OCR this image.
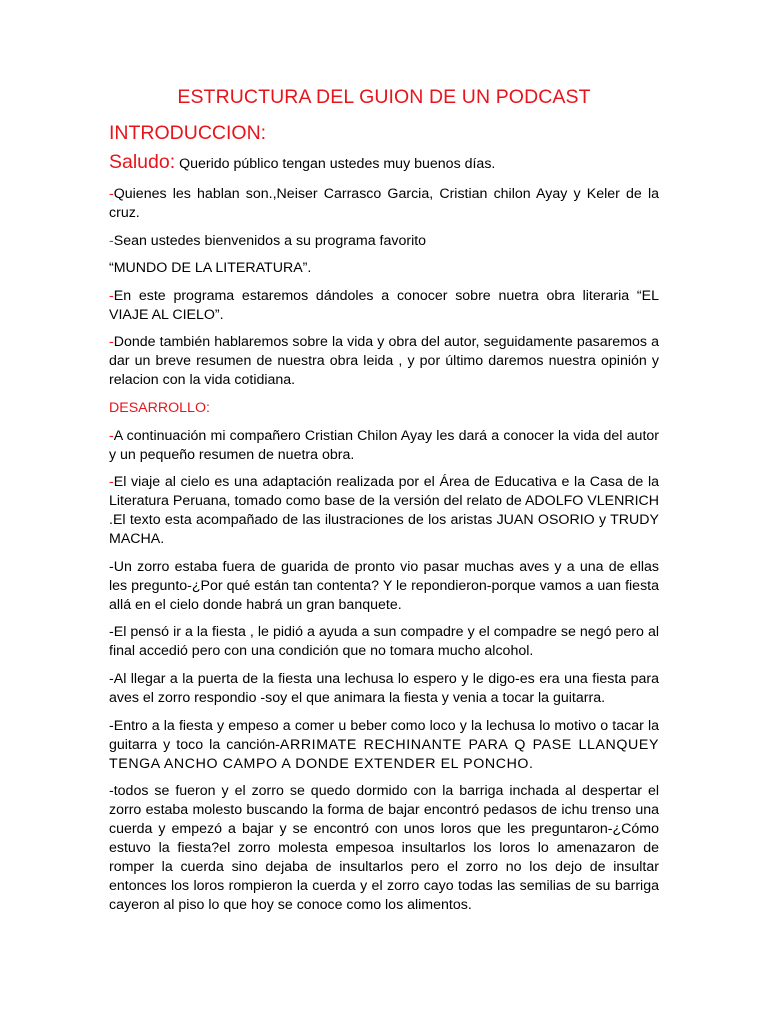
ESTRUCTURA DEL GUION DE UN PODCAST
INTRODUCCION:
Saludo: Querido público tengan ustedes muy buenos días.

-Quienes les hablan son.,Neiser Carrasco Garcia, Cristian chilon Ayay y Keler de la cruz.

-Sean ustedes bienvenidos a su programa favorito

“MUNDO DE LA LITERATURA”.

-En este programa estaremos dándoles a conocer sobre nuetra obra literaria “EL VIAJE AL CIELO”.

-Donde también hablaremos sobre la vida y obra del autor, seguidamente pasaremos a dar un breve resumen de nuestra obra leida , y por último daremos nuestra opinión y relacion con la vida cotidiana.

DESARROLLO:

-A continuación mi compañero Cristian Chilon Ayay les dará a conocer la vida del autor y un pequeño resumen de nuetra obra.

-El viaje al cielo es una adaptación realizada por el Área de Educativa e la Casa de la Literatura Peruana, tomado como base de la versión del relato de ADOLFO VLENRICH .El texto esta acompañado de las ilustraciones de los aristas JUAN OSORIO y TRUDY MACHA.

-Un zorro estaba fuera de guarida de pronto vio pasar muchas aves y a una de ellas les pregunto-¿Por qué están tan contenta? Y le repondieron-porque vamos a uan fiesta allá en el cielo donde habrá un gran banquete.

-El pensó ir a la fiesta , le pidió a ayuda a sun compadre y el compadre se negó pero al final accedió pero con una condición que no tomara mucho alcohol.

-Al llegar a la puerta de la fiesta una lechusa lo espero y le digo-es era una fiesta para aves el zorro respondio -soy el que animara la fiesta y venia a tocar la guitarra.

-Entro a la fiesta y empeso a comer u beber como loco y la lechusa lo motivo o tacar la guitarra y toco la canción-ARRIMATE RECHINANTE PARA Q PASE LLANQUEY TENGA ANCHO CAMPO A DONDE EXTENDER EL PONCHO.

-todos se fueron y el zorro se quedo dormido con la barriga inchada al despertar el zorro estaba molesto buscando la forma de bajar encontró pedasos de ichu trenso una cuerda y empezó a bajar y se encontró con unos loros que les preguntaron-¿Cómo estuvo la fiesta?el zorro molesta empesoa insultarlos los loros lo amenazaron de romper la cuerda sino dejaba de insultarlos pero el zorro no los dejo de insultar entonces los loros rompieron la cuerda y el zorro cayo todas las semilias de su barriga cayeron al piso lo que hoy se conoce como los alimentos.
